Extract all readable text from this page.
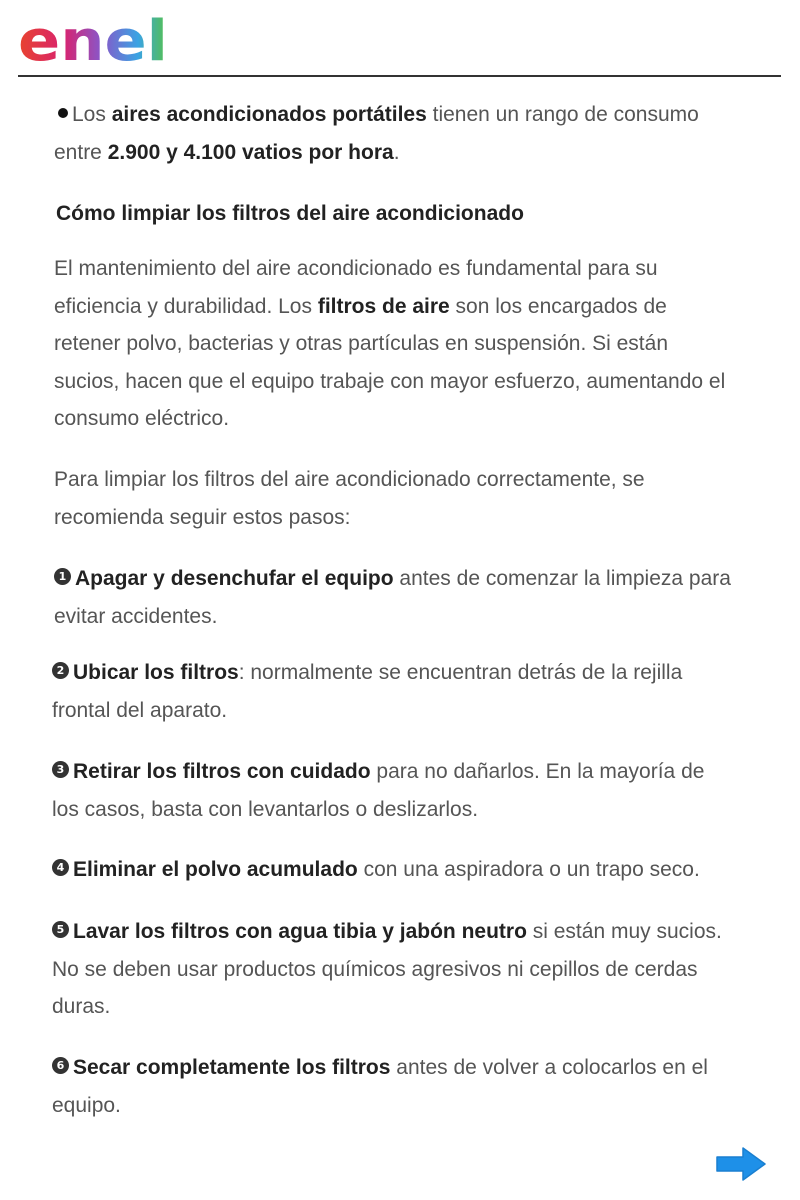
enel

Los aires acondicionados portátiles tienen un rango de consumo entre 2.900 y 4.100 vatios por hora.

Cómo limpiar los filtros del aire acondicionado

El mantenimiento del aire acondicionado es fundamental para su eficiencia y durabilidad. Los filtros de aire son los encargados de retener polvo, bacterias y otras partículas en suspensión. Si están sucios, hacen que el equipo trabaje con mayor esfuerzo, aumentando el consumo eléctrico.

Para limpiar los filtros del aire acondicionado correctamente, se recomienda seguir estos pasos:

1 Apagar y desenchufar el equipo antes de comenzar la limpieza para evitar accidentes.

2 Ubicar los filtros: normalmente se encuentran detrás de la rejilla frontal del aparato.

3 Retirar los filtros con cuidado para no dañarlos. En la mayoría de los casos, basta con levantarlos o deslizarlos.

4 Eliminar el polvo acumulado con una aspiradora o un trapo seco.

5 Lavar los filtros con agua tibia y jabón neutro si están muy sucios. No se deben usar productos químicos agresivos ni cepillos de cerdas duras.

6 Secar completamente los filtros antes de volver a colocarlos en el equipo.
